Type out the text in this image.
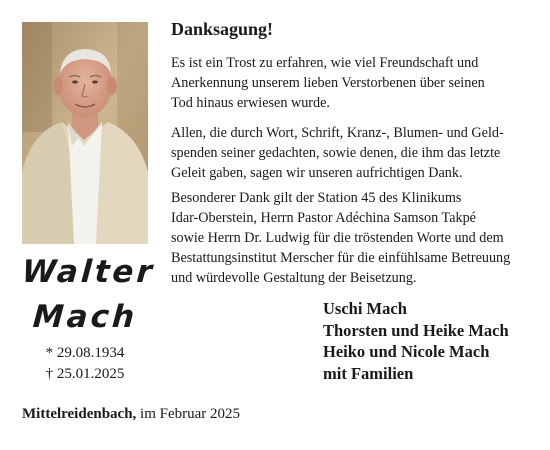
Walter
Mach
* 29.08.1934
† 25.01.2025
Danksagung!

Es ist ein Trost zu erfahren, wie viel Freundschaft und
Anerkennung unserem lieben Verstorbenen über seinen
Tod hinaus erwiesen wurde.

Allen, die durch Wort, Schrift, Kranz-, Blumen- und Geld-
spenden seiner gedachten, sowie denen, die ihm das letzte
Geleit gaben, sagen wir unseren aufrichtigen Dank.

Besonderer Dank gilt der Station 45 des Klinikums
Idar-Oberstein, Herrn Pastor Adéchina Samson Takpé
sowie Herrn Dr. Ludwig für die tröstenden Worte und dem
Bestattungsinstitut Merscher für die einfühlsame Betreuung
und würdevolle Gestaltung der Beisetzung.

Uschi Mach
Thorsten und Heike Mach
Heiko und Nicole Mach
mit Familien
Mittelreidenbach, im Februar 2025
